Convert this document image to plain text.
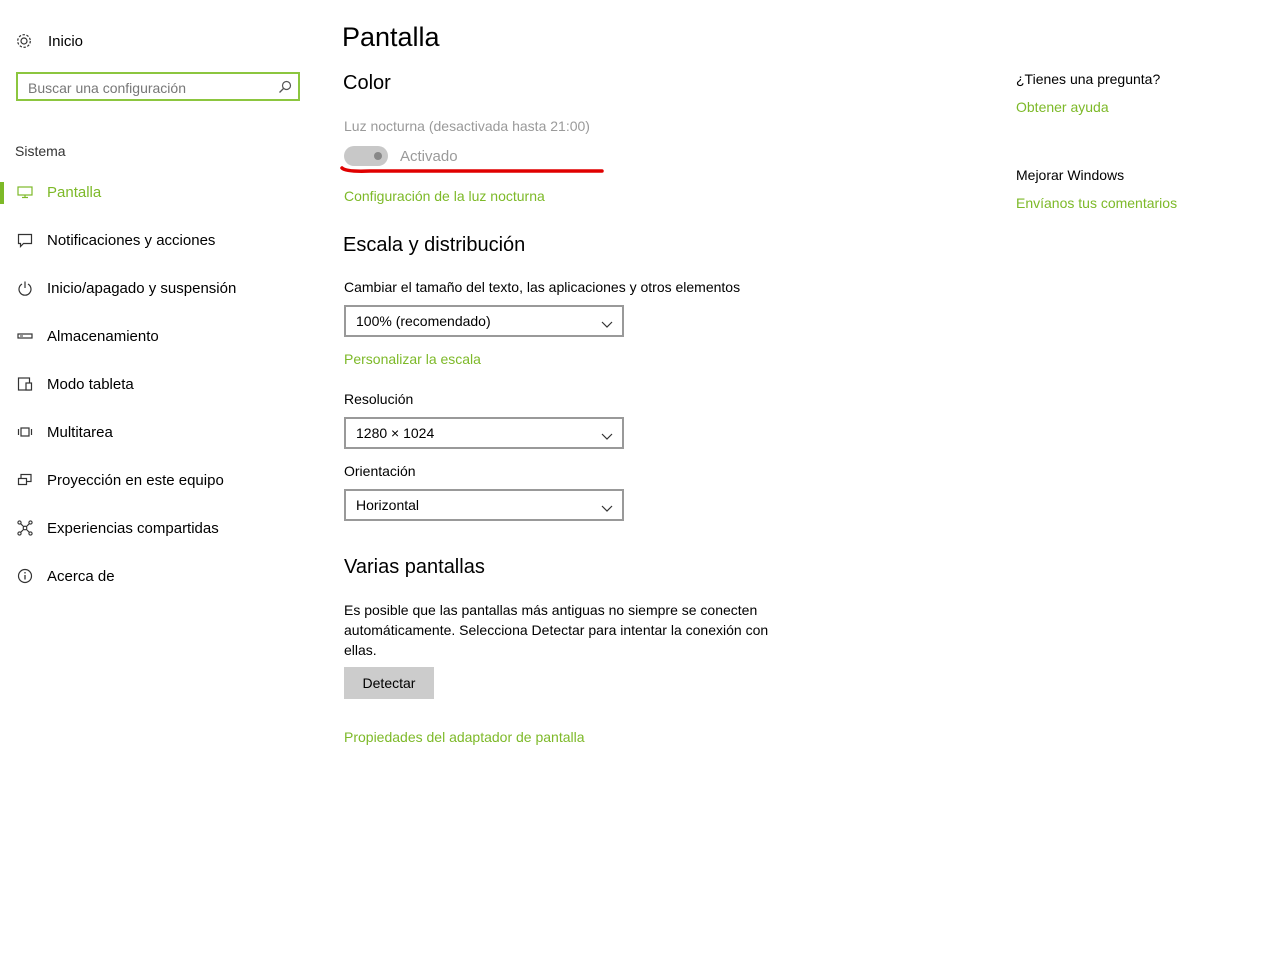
Inicio
Buscar una configuración
Sistema
Pantalla
Notificaciones y acciones
Inicio/apagado y suspensión
Almacenamiento
Modo tableta
Multitarea
Proyección en este equipo
Experiencias compartidas
Acerca de
Pantalla
Color
Luz nocturna (desactivada hasta 21:00)
Activado
Configuración de la luz nocturna
Escala y distribución
Cambiar el tamaño del texto, las aplicaciones y otros elementos
100% (recomendado)
Personalizar la escala
Resolución
1280 × 1024
Orientación
Horizontal
Varias pantallas
Es posible que las pantallas más antiguas no siempre se conecten automáticamente. Selecciona Detectar para intentar la conexión con ellas.
Detectar
Propiedades del adaptador de pantalla
¿Tienes una pregunta?
Obtener ayuda
Mejorar Windows
Envíanos tus comentarios
